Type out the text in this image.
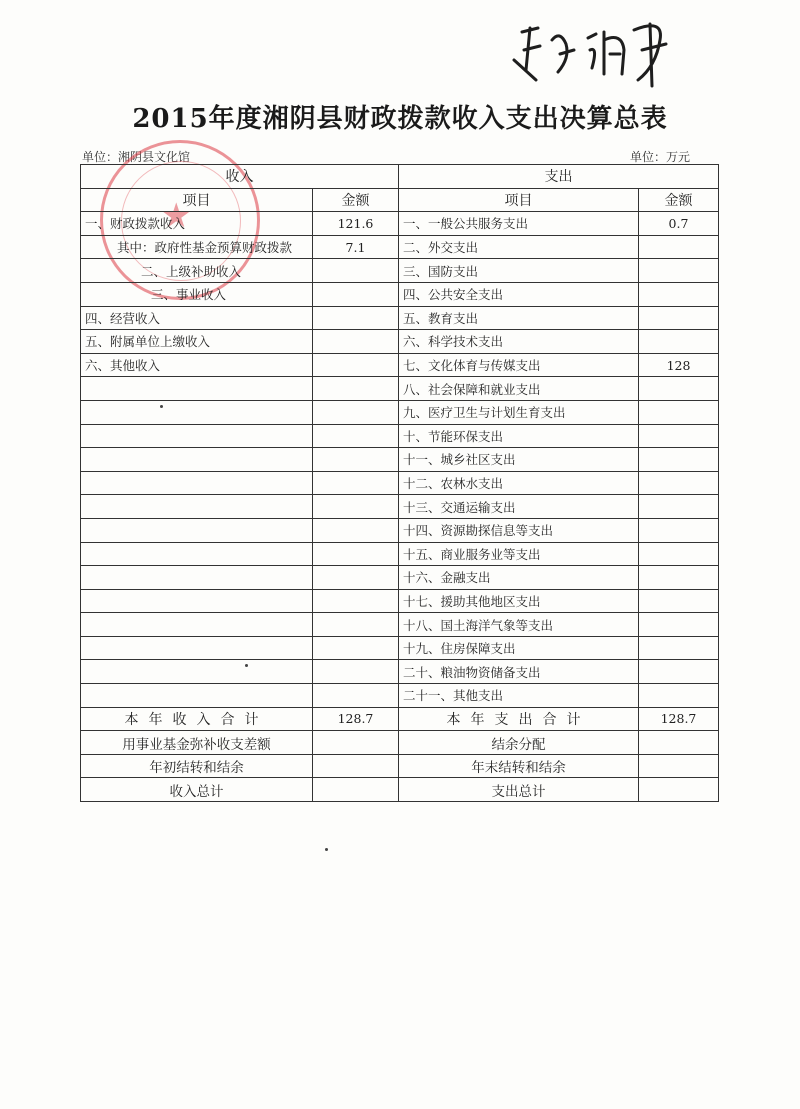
2015年度湘阴县财政拨款收入支出决算总表
单位：湘阴县文化馆	单位：万元
★
收入		支出	
项目	金额	项目	金额
一、财政拨款收入	121.6	一、一般公共服务支出	0.7
其中：政府性基金预算财政拨款	7.1	二、外交支出	
二、上级补助收入		三、国防支出	
三、事业收入		四、公共安全支出	
四、经营收入		五、教育支出	
五、附属单位上缴收入		六、科学技术支出	
六、其他收入		七、文化体育与传媒支出	128
		八、社会保障和就业支出	
		九、医疗卫生与计划生育支出	
		十、节能环保支出	
		十一、城乡社区支出	
		十二、农林水支出	
		十三、交通运输支出	
		十四、资源勘探信息等支出	
		十五、商业服务业等支出	
		十六、金融支出	
		十七、援助其他地区支出	
		十八、国土海洋气象等支出	
		十九、住房保障支出	
		二十、粮油物资储备支出	
		二十一、其他支出	
本年收入合计	128.7	本年支出合计	128.7
用事业基金弥补收支差额		结余分配	
年初结转和结余		年末结转和结余	
收入总计		支出总计	
